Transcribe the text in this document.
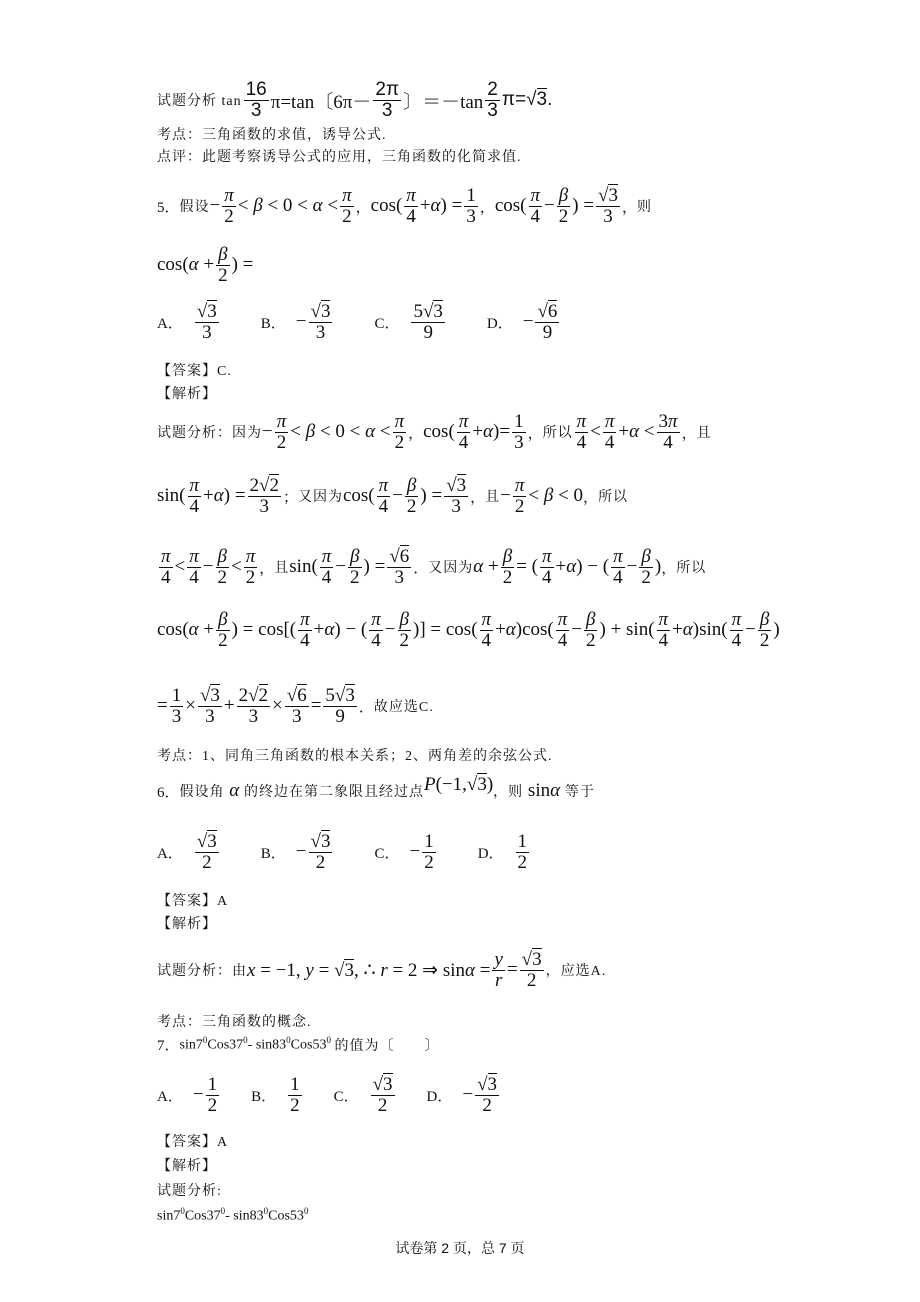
试题分析 $\tan \frac{16}{3} \pi=\tan$〔$6\pi- \frac{2\pi}{3}$ 〕$=-\tan \frac{2}{3} \pi=√3$.
考点：三角函数的求值，诱导公式.
点评：此题考察诱导公式的应用，三角函数的化简求值.
5． 假设 − $\frac{\pi}{2} < \beta < 0 < \alpha < \frac{\pi}{2}$ ， $\cos( \frac{\pi}{4} +\alpha) = \frac{1}{3}$ ， $\cos( \frac{\pi}{4} - \frac{\beta}{2}$ ) = $\frac{√3}{3}$ ， 则
$\cos(\alpha + \frac{\beta}{2}$ ) =
A． $\frac{√3}{3}$	B． − $\frac{√3}{3}$	C． $\frac{5√3}{9}$	D． − $\frac{√6}{9}$
【答案】C.
【解析】
试题分析：因为 − $\frac{\pi}{2} < \beta < 0 < \alpha < \frac{\pi}{2}$ ， $\cos( \frac{\pi}{4} +\alpha)= \frac{1}{3}$ ， 所以 $\frac{\pi}{4} < \frac{\pi}{4} +\alpha < \frac{3\pi}{4}$ ， 且
$\sin( \frac{\pi}{4} +\alpha) = \frac{2√2}{3}$ ； 又因为 $\cos( \frac{\pi}{4} - \frac{\beta}{2}$ ) = $\frac{√3}{3}$ ， 且 − $\frac{\pi}{2} < \beta < 0$ ， 所以
$\frac{\pi}{4} < \frac{\pi}{4} - \frac{\beta}{2} < \frac{\pi}{2}$ ， 且 $\sin( \frac{\pi}{4} - \frac{\beta}{2}$ ) = $\frac{√6}{3}$ ． 又因为 $\alpha + \frac{\beta}{2}$ = ( $\frac{\pi}{4} +\alpha$) − ( $\frac{\pi}{4} - \frac{\beta}{2}$ ) ， 所以
$\cos(\alpha + \frac{\beta}{2}$ ) = $\cos[( \frac{\pi}{4} +\alpha)$ − ( $\frac{\pi}{4} - \frac{\beta}{2}$ )] = $\cos( \frac{\pi}{4} +\alpha)\cos( \frac{\pi}{4} - \frac{\beta}{2}$ ) + $\sin( \frac{\pi}{4} +\alpha)\sin( \frac{\pi}{4} - \frac{\beta}{2}$ )
= $\frac{1}{3} \times \frac{√3}{3} + \frac{2√2}{3} \times \frac{√6}{3} = \frac{5√3}{9}$ ． 故应选C.
考点：1、同角三角函数的根本关系；2、两角差的余弦公式.
6． 假设角 α 的终边在第二象限且经过点 P(−1,√3) ，则 sinα 等于
A． $\frac{√3}{2}$	B． − $\frac{√3}{2}$	C． − $\frac{1}{2}$	D． $\frac{1}{2}$
【答案】A
【解析】
试题分析：由 x = −1, y = √3, ∴ r = 2 ⇒ $\sin\alpha = \frac{y}{r} = \frac{√3}{2}$ ，应选A.
考点：三角函数的概念.
7． $\sin 7^0Cos37^0-$ $\sin 83^0Cos53^0$ 的值为〔　　〕
A． − $\frac{1}{2}$ B． $\frac{1}{2}$ C． $\frac{√3}{2}$ D． − $\frac{√3}{2}$
【答案】A
【解析】
试题分析:
$\sin 7^0Cos37^0-$ $\sin 83^0Cos53^0$
试卷第 2 页，总 7 页
